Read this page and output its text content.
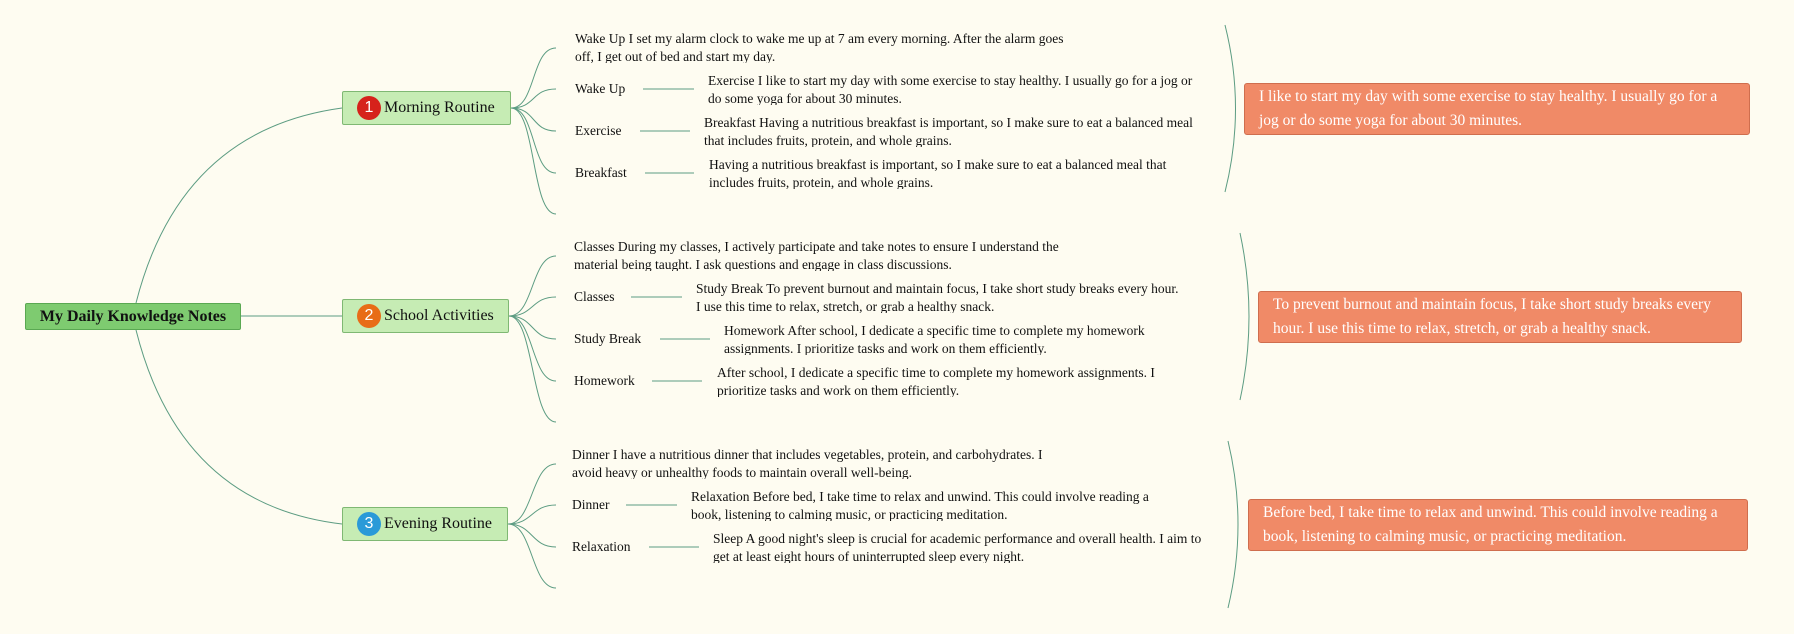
My Daily Knowledge Notes
1 Morning Routine
Wake Up I set my alarm clock to wake me up at 7 am every morning. After the alarm goes off, I get out of bed and start my day.
Wake Up
Exercise I like to start my day with some exercise to stay healthy. I usually go for a jog or do some yoga for about 30 minutes.
Exercise
Breakfast Having a nutritious breakfast is important, so I make sure to eat a balanced meal that includes fruits, protein, and whole grains.
Breakfast
Having a nutritious breakfast is important, so I make sure to eat a balanced meal that includes fruits, protein, and whole grains.
I like to start my day with some exercise to stay healthy. I usually go for a jog or do some yoga for about 30 minutes.
2 School Activities
Classes During my classes, I actively participate and take notes to ensure I understand the material being taught. I ask questions and engage in class discussions.
Classes
Study Break To prevent burnout and maintain focus, I take short study breaks every hour. I use this time to relax, stretch, or grab a healthy snack.
Study Break
Homework After school, I dedicate a specific time to complete my homework assignments. I prioritize tasks and work on them efficiently.
Homework
After school, I dedicate a specific time to complete my homework assignments. I prioritize tasks and work on them efficiently.
To prevent burnout and maintain focus, I take short study breaks every hour. I use this time to relax, stretch, or grab a healthy snack.
3 Evening Routine
Dinner I have a nutritious dinner that includes vegetables, protein, and carbohydrates. I avoid heavy or unhealthy foods to maintain overall well-being.
Dinner
Relaxation Before bed, I take time to relax and unwind. This could involve reading a book, listening to calming music, or practicing meditation.
Relaxation
Sleep A good night's sleep is crucial for academic performance and overall health. I aim to get at least eight hours of uninterrupted sleep every night.
Before bed, I take time to relax and unwind. This could involve reading a book, listening to calming music, or practicing meditation.
